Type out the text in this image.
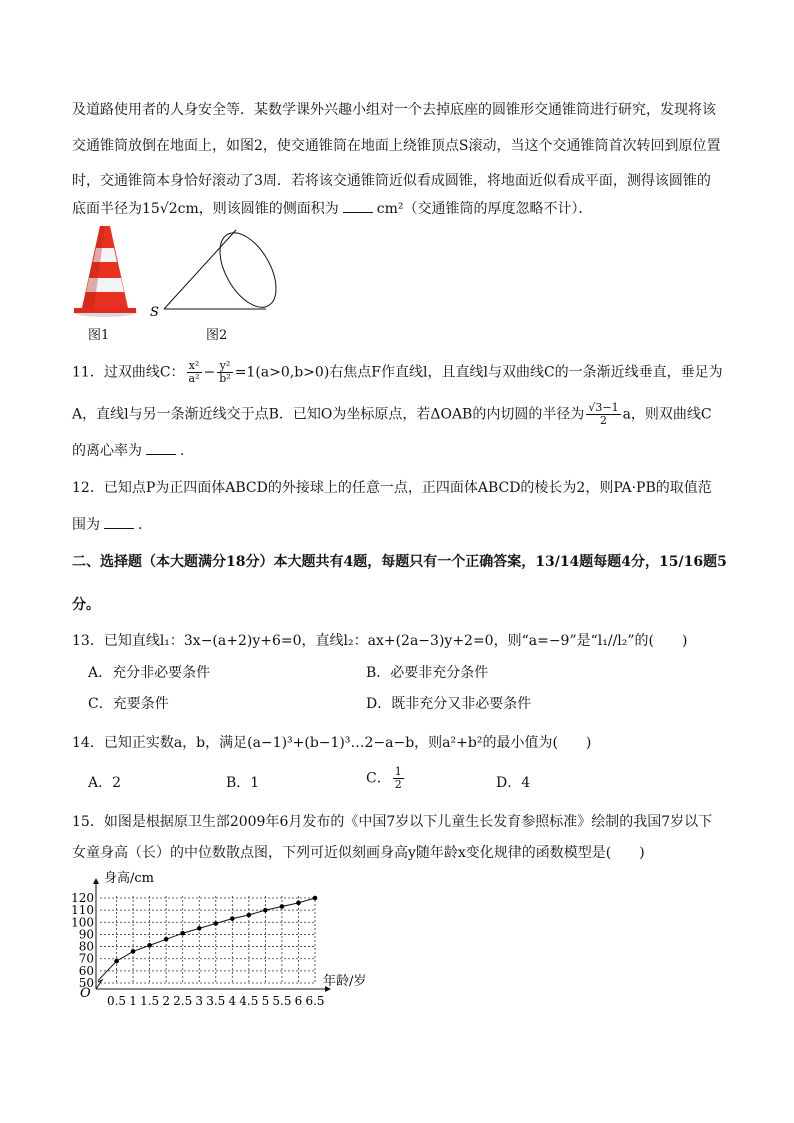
及道路使用者的人身安全等．某数学课外兴趣小组对一个去掉底座的圆锥形交通锥筒进行研究，发现将该
交通锥筒放倒在地面上，如图2，使交通锥筒在地面上绕锥顶点S滚动，当这个交通锥筒首次转回到原位置
时，交通锥筒本身恰好滚动了3周．若将该交通锥筒近似看成圆锥，将地面近似看成平面，测得该圆锥的
底面半径为15√2cm，则该圆锥的侧面积为	cm²（交通锥筒的厚度忽略不计）．
图1
S
图2
11．过双曲线C： $\frac{\text{x²}}{\text{a²}} - \frac{\text{y²}}{\text{b²}} =1(a>0,b>0)$右焦点F作直线l，且直线l与双曲线C的一条渐近线垂直，垂足为
A，直线l与另一条渐近线交于点B．已知O为坐标原点，若ΔOAB的内切圆的半径为 $\frac{√3-1}{2}$ a，则双曲线C
的离心率为	.
12．已知点P为正四面体ABCD的外接球上的任意一点，正四面体ABCD的棱长为2，则PA·PB的取值范
围为	.
二、选择题（本大题满分18分）本大题共有4题，每题只有一个正确答案，13/14题每题4分，15/16题5
分。
13．已知直线l₁：3x−(a+2)y+6=0，直线l₂：ax+(2a−3)y+2=0，则“a=−9”是“l₁//l₂”的(　　)
A．充分非必要条件	B．必要非充分条件
C．充要条件	D．既非充分又非必要条件
14．已知正实数a，b，满足(a−1)³+(b−1)³…2−a−b，则a²+b²的最小值为(　　)
A．2	B．1	C． $\frac{1}{2}$	D．4
15．如图是根据原卫生部2009年6月发布的《中国7岁以下儿童生长发育参照标准》绘制的我国7岁以下
女童身高（长）的中位数散点图，下列可近似刻画身高y随年龄x变化规律的函数模型是(　　)
50
60
70
80
90
100
110
120
0.5 1 1.5 2 2.5 3 3.5 4 4.5 5 5.5 6 6.5
身高/cm
年龄/岁
O
